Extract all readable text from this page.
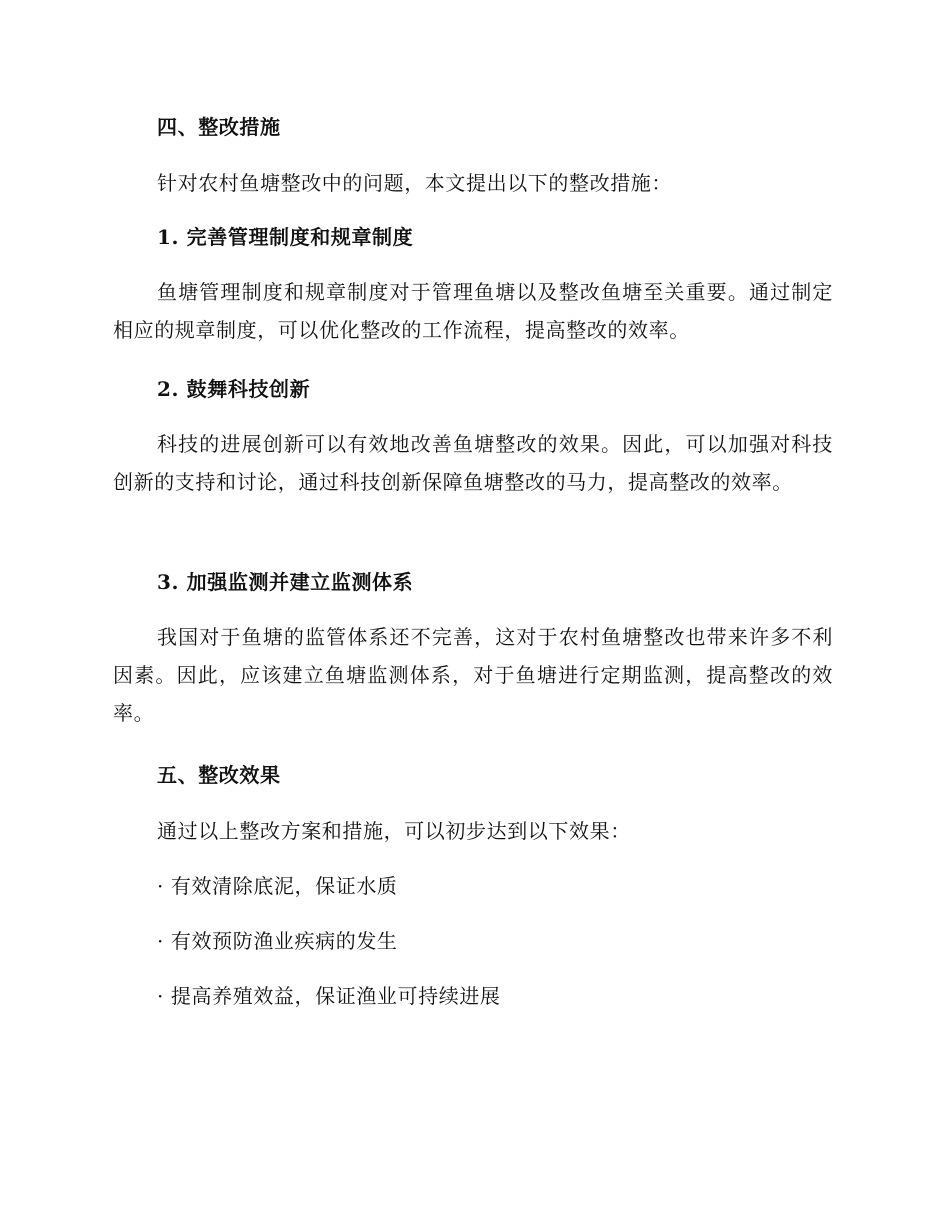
四、整改措施

针对农村鱼塘整改中的问题，本文提出以下的整改措施：

1. 完善管理制度和规章制度

鱼塘管理制度和规章制度对于管理鱼塘以及整改鱼塘至关重要。通过制定相应的规章制度，可以优化整改的工作流程，提高整改的效率。

2. 鼓舞科技创新

科技的进展创新可以有效地改善鱼塘整改的效果。因此，可以加强对科技创新的支持和讨论，通过科技创新保障鱼塘整改的马力，提高整改的效率。

3. 加强监测并建立监测体系

我国对于鱼塘的监管体系还不完善，这对于农村鱼塘整改也带来许多不利因素。因此，应该建立鱼塘监测体系，对于鱼塘进行定期监测，提高整改的效率。

五、整改效果

通过以上整改方案和措施，可以初步达到以下效果：

· 有效清除底泥，保证水质

· 有效预防渔业疾病的发生

· 提高养殖效益，保证渔业可持续进展
